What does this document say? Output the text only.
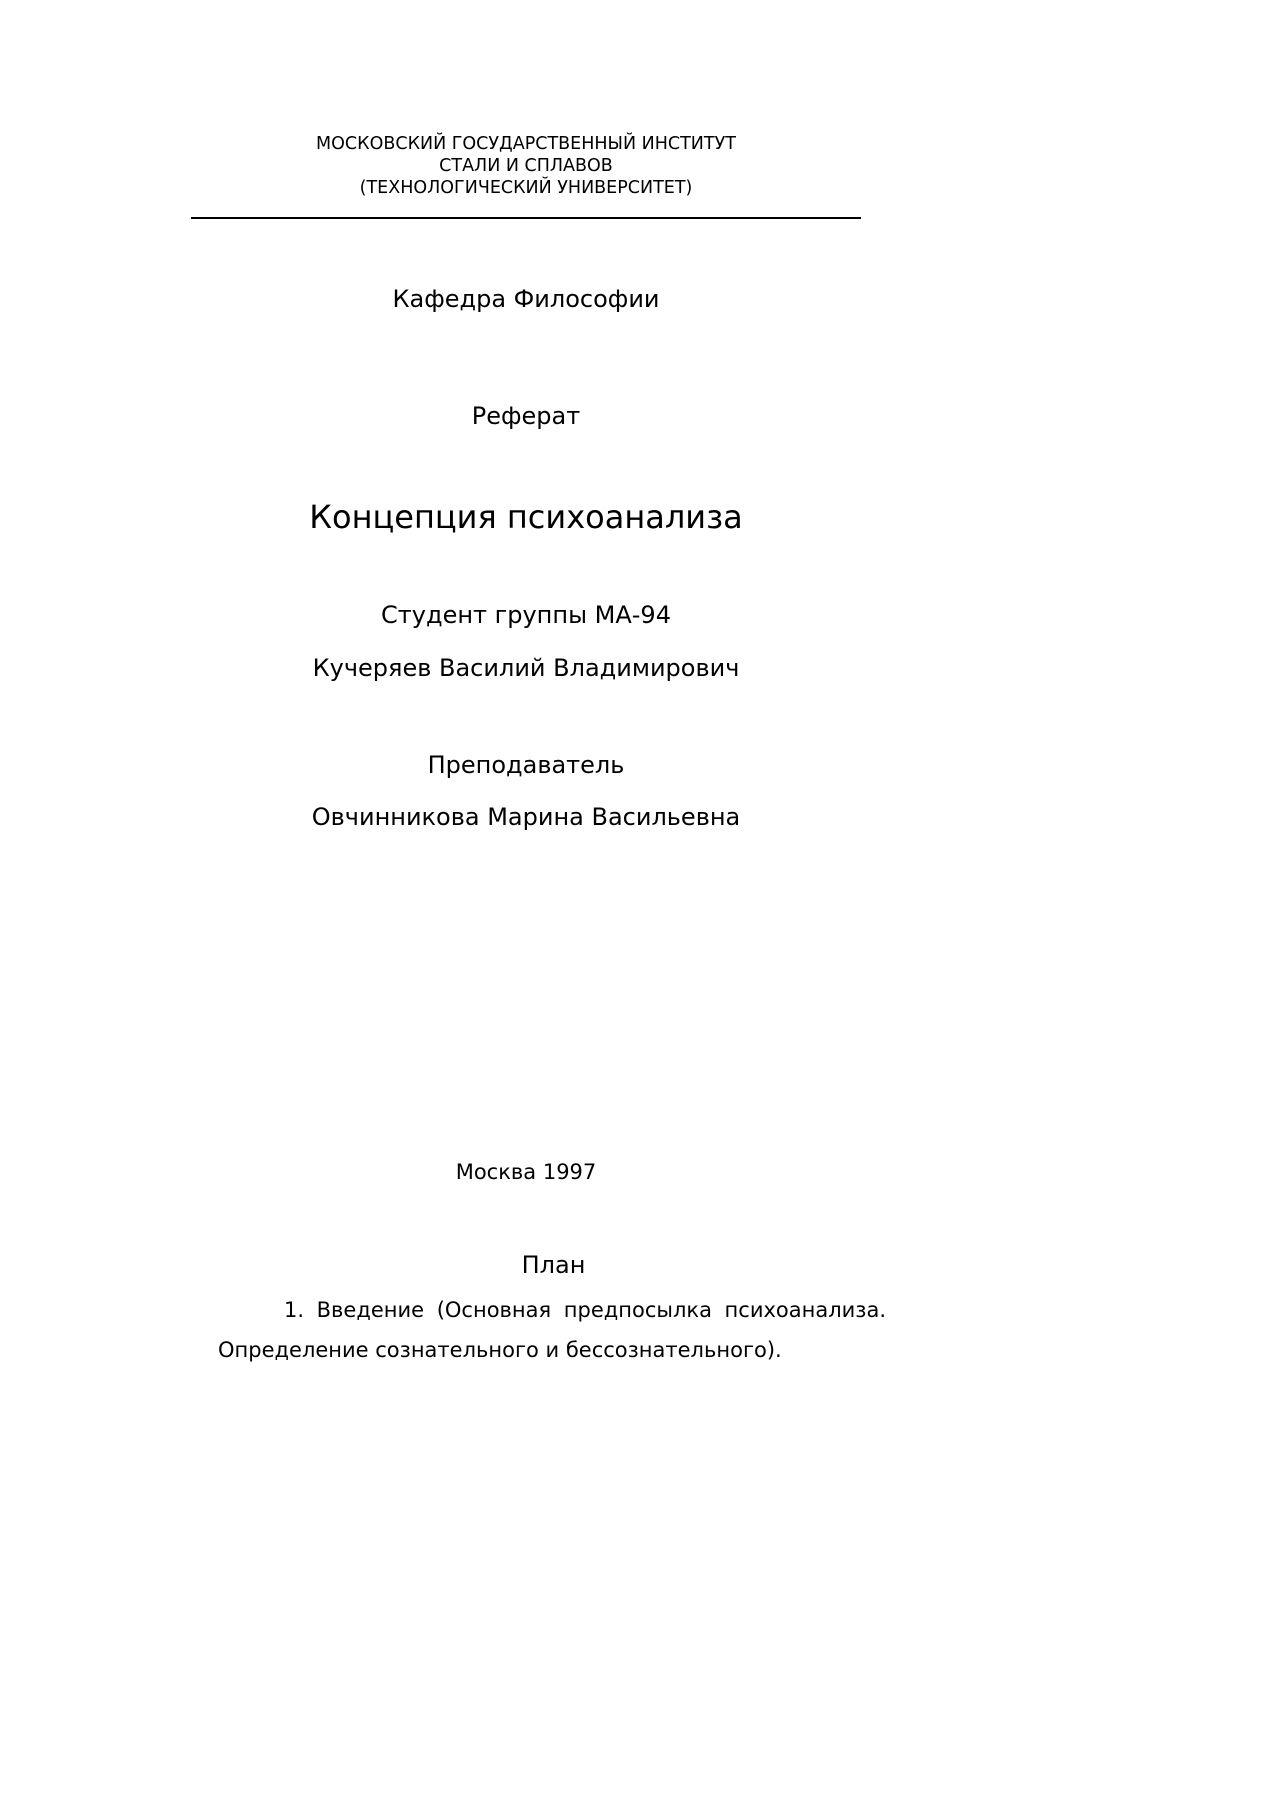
МОСКОВСКИЙ ГОСУДАРСТВЕННЫЙ ИНСТИТУТ
СТАЛИ И СПЛАВОВ
(ТЕХНОЛОГИЧЕСКИЙ УНИВЕРСИТЕТ)
Кафедра Философии
Реферат
Концепция психоанализа
Студент группы МА-94
Кучеряев Василий Владимирович
Преподаватель
Овчинникова Марина Васильевна
Москва 1997
План
1. Введение (Основная предпосылка психоанализа. Определение сознательного и бессознательного).
